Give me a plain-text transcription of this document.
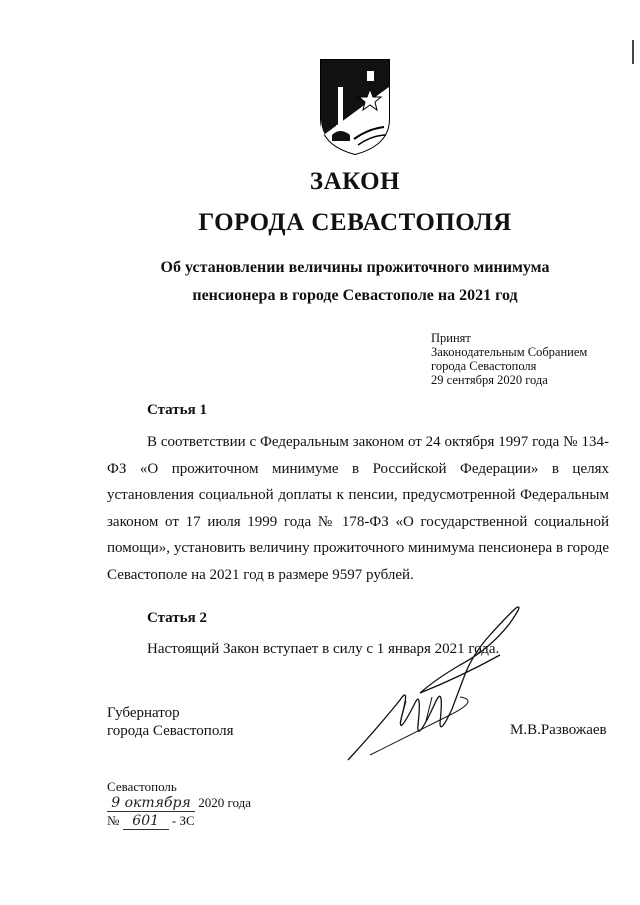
ЗАКОН
ГОРОДА СЕВАСТОПОЛЯ
Об установлении величины прожиточного минимума
пенсионера в городе Севастополе на 2021 год
Принят
Законодательным Собранием
города Севастополя
29 сентября 2020 года
Статья 1
В соответствии с Федеральным законом от 24 октября 1997 года № 134-ФЗ «О прожиточном минимуме в Российской Федерации» в целях установления социальной доплаты к пенсии, предусмотренной Федеральным законом от 17 июля 1999 года № 178-ФЗ «О государственной социальной помощи», установить величину прожиточного минимума пенсионера в городе Севастополе на 2021 год в размере 9597 рублей.
Статья 2
Настоящий Закон вступает в силу с 1 января 2021 года.
Губернатор
города Севастополя	М.В.Развожаев
Севастополь
9 октября 2020 года
№ 601 - ЗС
